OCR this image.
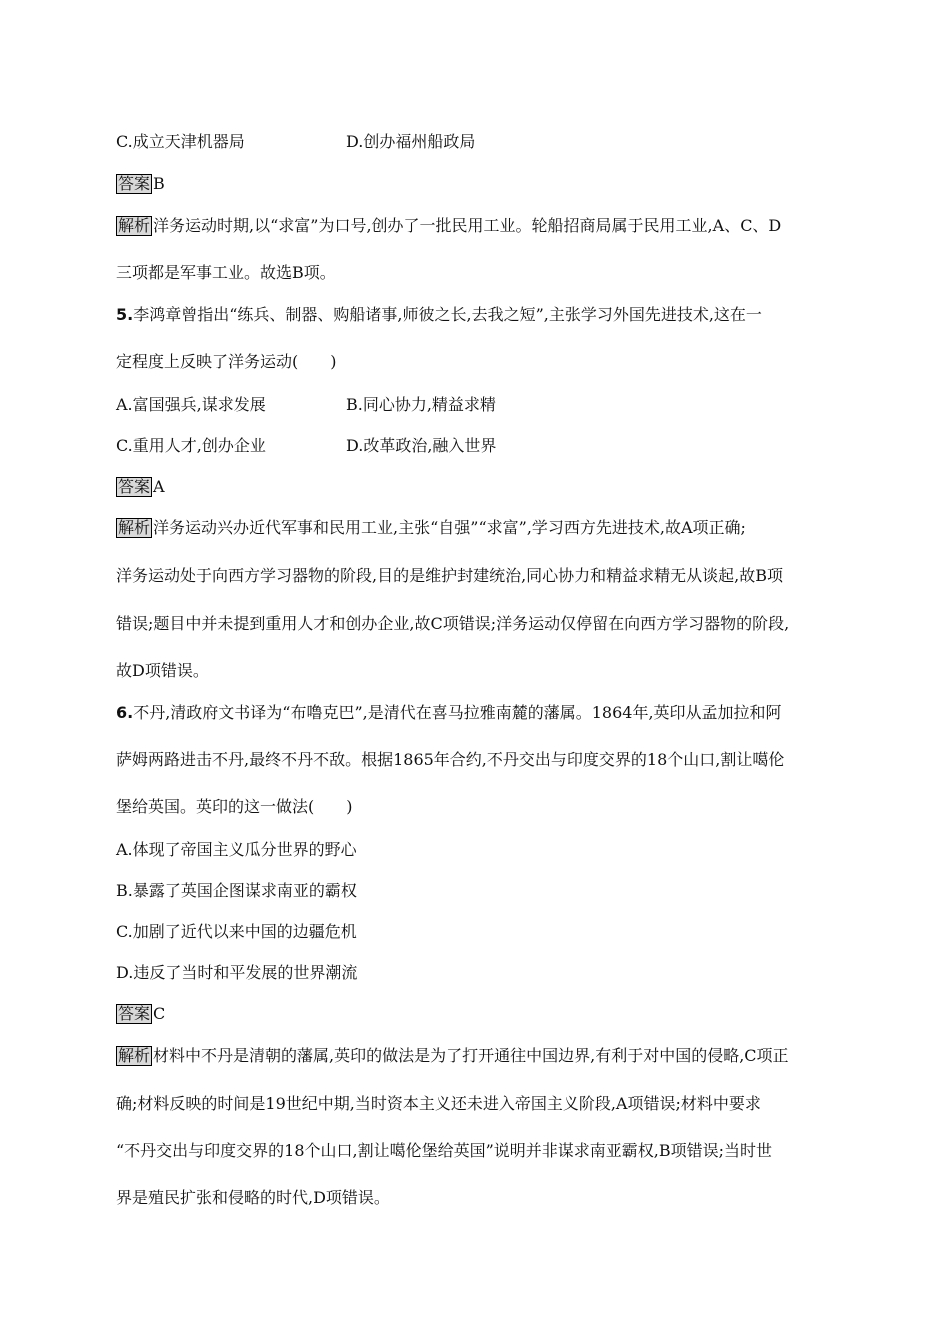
C.成立天津机器局	D.创办福州船政局
答案 B
解析 洋务运动时期,以“求富”为口号,创办了一批民用工业。轮船招商局属于民用工业,A、C、D
三项都是军事工业。故选B项。
5.李鸿章曾指出“练兵、制器、购船诸事,师彼之长,去我之短”,主张学习外国先进技术,这在一
定程度上反映了洋务运动(　　)
A.富国强兵,谋求发展	B.同心协力,精益求精
C.重用人才,创办企业	D.改革政治,融入世界
答案 A
解析 洋务运动兴办近代军事和民用工业,主张“自强”“求富”,学习西方先进技术,故A项正确;
洋务运动处于向西方学习器物的阶段,目的是维护封建统治,同心协力和精益求精无从谈起,故B项
错误;题目中并未提到重用人才和创办企业,故C项错误;洋务运动仅停留在向西方学习器物的阶段,
故D项错误。
6.不丹,清政府文书译为“布噜克巴”,是清代在喜马拉雅南麓的藩属。1864年,英印从孟加拉和阿
萨姆两路进击不丹,最终不丹不敌。根据1865年合约,不丹交出与印度交界的18个山口,割让噶伦
堡给英国。英印的这一做法(　　)
A.体现了帝国主义瓜分世界的野心
B.暴露了英国企图谋求南亚的霸权
C.加剧了近代以来中国的边疆危机
D.违反了当时和平发展的世界潮流
答案 C
解析 材料中不丹是清朝的藩属,英印的做法是为了打开通往中国边界,有利于对中国的侵略,C项正
确;材料反映的时间是19世纪中期,当时资本主义还未进入帝国主义阶段,A项错误;材料中要求
“不丹交出与印度交界的18个山口,割让噶伦堡给英国”说明并非谋求南亚霸权,B项错误;当时世
界是殖民扩张和侵略的时代,D项错误。
